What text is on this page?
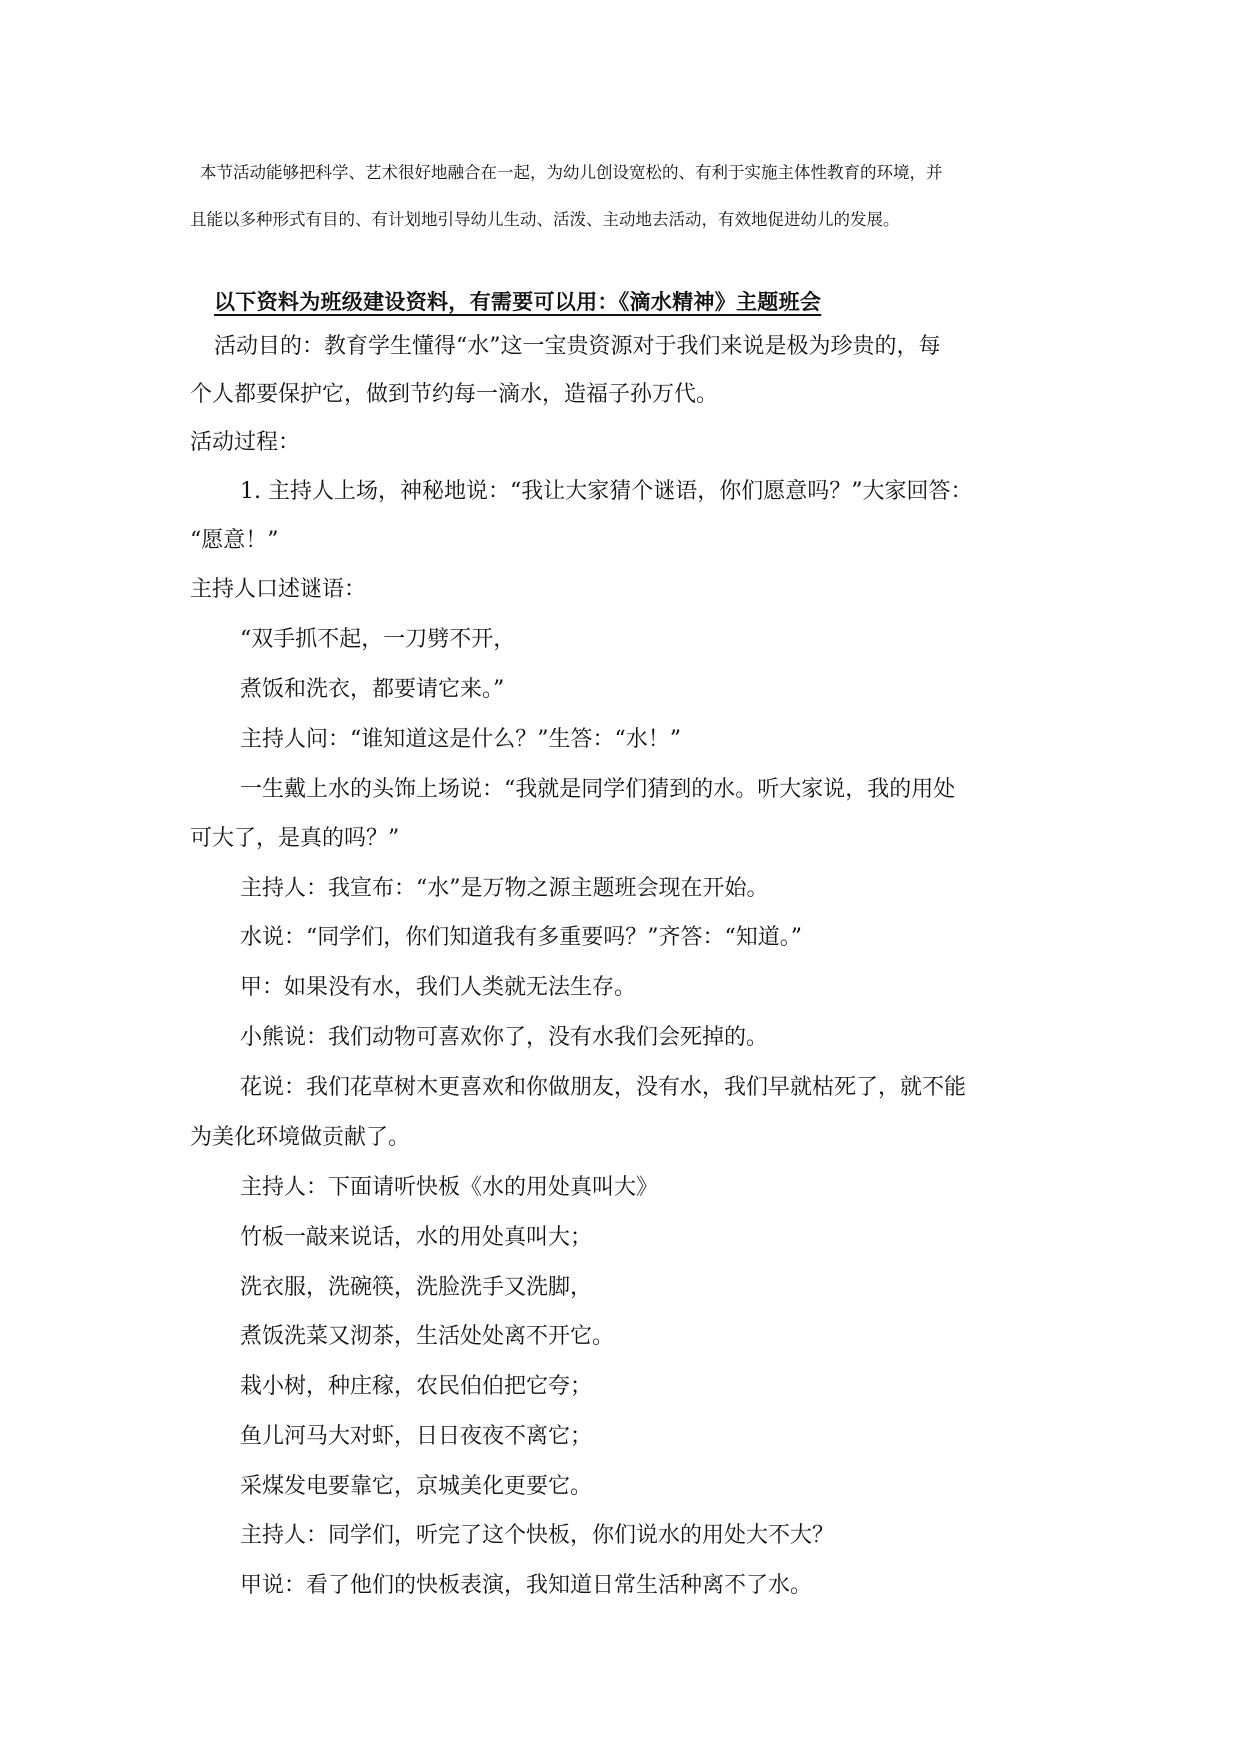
本节活动能够把科学、艺术很好地融合在一起，为幼儿创设宽松的、有利于实施主体性教育的环境，并
且能以多种形式有目的、有计划地引导幼儿生动、活泼、主动地去活动，有效地促进幼儿的发展。
以下资料为班级建设资料，有需要可以用：《滴水精神》主题班会
活动目的：教育学生懂得“水”这一宝贵资源对于我们来说是极为珍贵的，每
个人都要保护它，做到节约每一滴水，造福子孙万代。
活动过程：
1. 主持人上场，神秘地说：“我让大家猜个谜语，你们愿意吗？”大家回答：
“愿意！”
主持人口述谜语：
“双手抓不起，一刀劈不开，
煮饭和洗衣，都要请它来。”
主持人问：“谁知道这是什么？”生答：“水！”
一生戴上水的头饰上场说：“我就是同学们猜到的水。听大家说，我的用处
可大了，是真的吗？”
主持人：我宣布：“水”是万物之源主题班会现在开始。
水说：“同学们，你们知道我有多重要吗？”齐答：“知道。”
甲：如果没有水，我们人类就无法生存。
小熊说：我们动物可喜欢你了，没有水我们会死掉的。
花说：我们花草树木更喜欢和你做朋友，没有水，我们早就枯死了，就不能
为美化环境做贡献了。
主持人：下面请听快板《水的用处真叫大》
竹板一敲来说话，水的用处真叫大；
洗衣服，洗碗筷，洗脸洗手又洗脚，
煮饭洗菜又沏茶，生活处处离不开它。
栽小树，种庄稼，农民伯伯把它夸；
鱼儿河马大对虾，日日夜夜不离它；
采煤发电要靠它，京城美化更要它。
主持人：同学们，听完了这个快板，你们说水的用处大不大？
甲说：看了他们的快板表演，我知道日常生活种离不了水。
